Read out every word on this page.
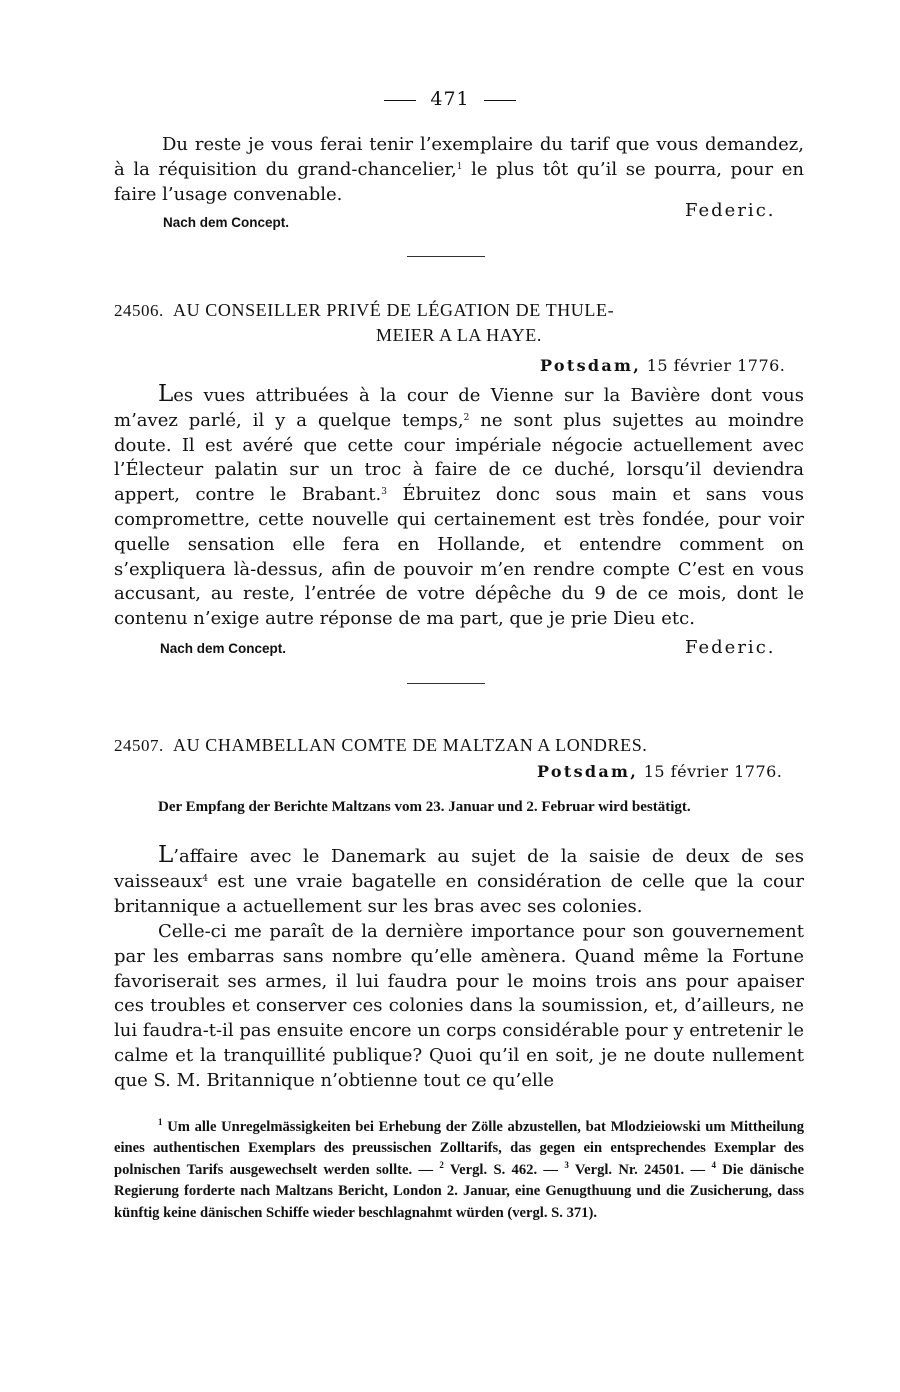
471
Du reste je vous ferai tenir l’exemplaire du tarif que vous demandez, à la réquisition du grand-chancelier,$^1$ le plus tôt qu’il se pourra, pour en faire l’usage convenable.
Nach dem Concept.
Federic.
24506. AU CONSEILLER PRIVÉ DE LÉGATION DE THULE-
MEIER A LA HAYE.
Potsdam, 15 février 1776.
Les vues attribuées à la cour de Vienne sur la Bavière dont vous m’avez parlé, il y a quelque temps,$^2$ ne sont plus sujettes au moindre doute. Il est avéré que cette cour impériale négocie actuellement avec l’Électeur palatin sur un troc à faire de ce duché, lorsqu’il deviendra appert, contre le Brabant.$^3$ Ébruitez donc sous main et sans vous compromettre, cette nouvelle qui certainement est très fondée, pour voir quelle sensation elle fera en Hollande, et entendre comment on s’expliquera là-dessus, afin de pouvoir m’en rendre compte C’est en vous accusant, au reste, l’entrée de votre dépêche du 9 de ce mois, dont le contenu n’exige autre réponse de ma part, que je prie Dieu etc.
Nach dem Concept.	Federic.
24507. AU CHAMBELLAN COMTE DE MALTZAN A LONDRES.
Potsdam, 15 février 1776.
Der Empfang der Berichte Maltzans vom 23. Januar und 2. Februar wird bestätigt.
L’affaire avec le Danemark au sujet de la saisie de deux de ses vaisseaux$^4$ est une vraie bagatelle en considération de celle que la cour britannique a actuellement sur les bras avec ses colonies.
Celle-ci me paraît de la dernière importance pour son gouvernement par les embarras sans nombre qu’elle amènera. Quand même la Fortune favoriserait ses armes, il lui faudra pour le moins trois ans pour apaiser ces troubles et conserver ces colonies dans la soumission, et, d’ailleurs, ne lui faudra-t-il pas ensuite encore un corps considérable pour y entretenir le calme et la tranquillité publique? Quoi qu’il en soit, je ne doute nullement que S. M. Britannique n’obtienne tout ce qu’elle
$^1$ Um alle Unregelmässigkeiten bei Erhebung der Zölle abzustellen, bat Mlodzieiowski um Mittheilung eines authentischen Exemplars des preussischen Zolltarifs, das gegen ein entsprechendes Exemplar des polnischen Tarifs ausgewechselt werden sollte. — $^2$ Vergl. S. 462. — $^3$ Vergl. Nr. 24501. — $^4$ Die dänische Regierung forderte nach Maltzans Bericht, London 2. Januar, eine Genugthuung und die Zusicherung, dass künftig keine dänischen Schiffe wieder beschlagnahmt würden (vergl. S. 371).
